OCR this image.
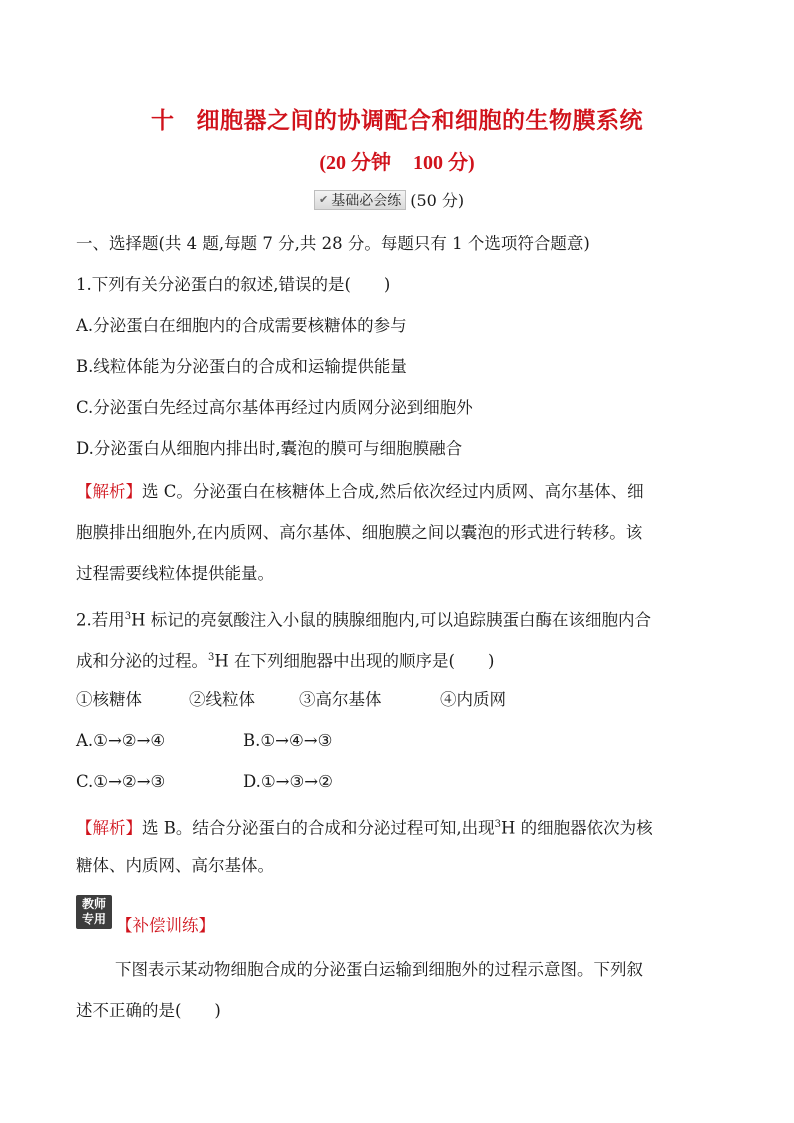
十 细胞器之间的协调配合和细胞的生物膜系统
(20 分钟 100 分)
✔ 基础必会练 (50 分)
一、选择题(共 4 题,每题 7 分,共 28 分。每题只有 1 个选项符合题意)
1.下列有关分泌蛋白的叙述,错误的是(　　)
A.分泌蛋白在细胞内的合成需要核糖体的参与
B.线粒体能为分泌蛋白的合成和运输提供能量
C.分泌蛋白先经过高尔基体再经过内质网分泌到细胞外
D.分泌蛋白从细胞内排出时,囊泡的膜可与细胞膜融合
【解析】选 C。分泌蛋白在核糖体上合成,然后依次经过内质网、高尔基体、细
胞膜排出细胞外,在内质网、高尔基体、细胞膜之间以囊泡的形式进行转移。该
过程需要线粒体提供能量。
2.若用$^3$H 标记的亮氨酸注入小鼠的胰腺细胞内,可以追踪胰蛋白酶在该细胞内合
成和分泌的过程。$^3$H 在下列细胞器中出现的顺序是(　　)
①核糖体	②线粒体	③高尔基体	④内质网
A.①→②→④	B.①→④→③
C.①→②→③	D.①→③→②
【解析】选 B。结合分泌蛋白的合成和分泌过程可知,出现$^3$H 的细胞器依次为核
糖体、内质网、高尔基体。
教师
专用 【补偿训练】
下图表示某动物细胞合成的分泌蛋白运输到细胞外的过程示意图。下列叙
述不正确的是(　　)
